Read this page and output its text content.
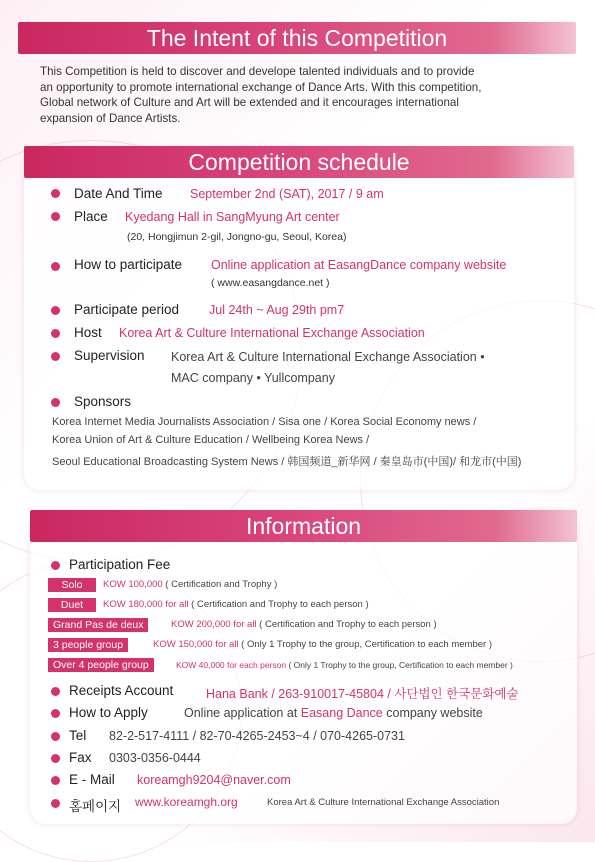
The Intent of this Competition
This Competition is held to discover and develope talented individuals and to provide
an opportunity to promote international exchange of Dance Arts. With this competition,
Global network of Culture and Art will be extended and it encourages international
expansion of Dance Artists.
Competition schedule
Date And Time September 2nd (SAT), 2017 / 9 am
Place Kyedang Hall in SangMyung Art center
(20, Hongjimun 2-gil, Jongno-gu, Seoul, Korea)
How to participate Online application at EasangDance company website
( www.easangdance.net )
Participate period Jul 24th ~ Aug 29th pm7
Host Korea Art & Culture International Exchange Association
Supervision Korea Art & Culture International Exchange Association •
MAC company • Yullcompany
Sponsors
Korea Internet Media Journalists Association / Sisa one / Korea Social Economy news /
Korea Union of Art & Culture Education / Wellbeing Korea News /
Seoul Educational Broadcasting System News / 韩国频道_新华网 / 秦皇岛市(中国)/ 和龙市(中国)
Information
Participation Fee
Solo	KOW 100,000 ( Certification and Trophy )
Duet	KOW 180,000 for all ( Certification and Trophy to each person )
Grand Pas de deux	KOW 200,000 for all ( Certification and Trophy to each person )
3 people group	KOW 150,000 for all ( Only 1 Trophy to the group, Certification to each member )
Over 4 people group	KOW 40,000 for each person ( Only 1 Trophy to the group, Certification to each member )
Receipts Account	Hana Bank / 263-910017-45804 / 사단법인 한국문화예술
How to Apply	Online application at Easang Dance company website
Tel 82-2-517-4111 / 82-70-4265-2453~4 / 070-4265-0731
Fax 0303-0356-0444
E - Mail koreamgh9204@naver.com
홈페이지 www.koreamgh.org	Korea Art & Culture International Exchange Association
